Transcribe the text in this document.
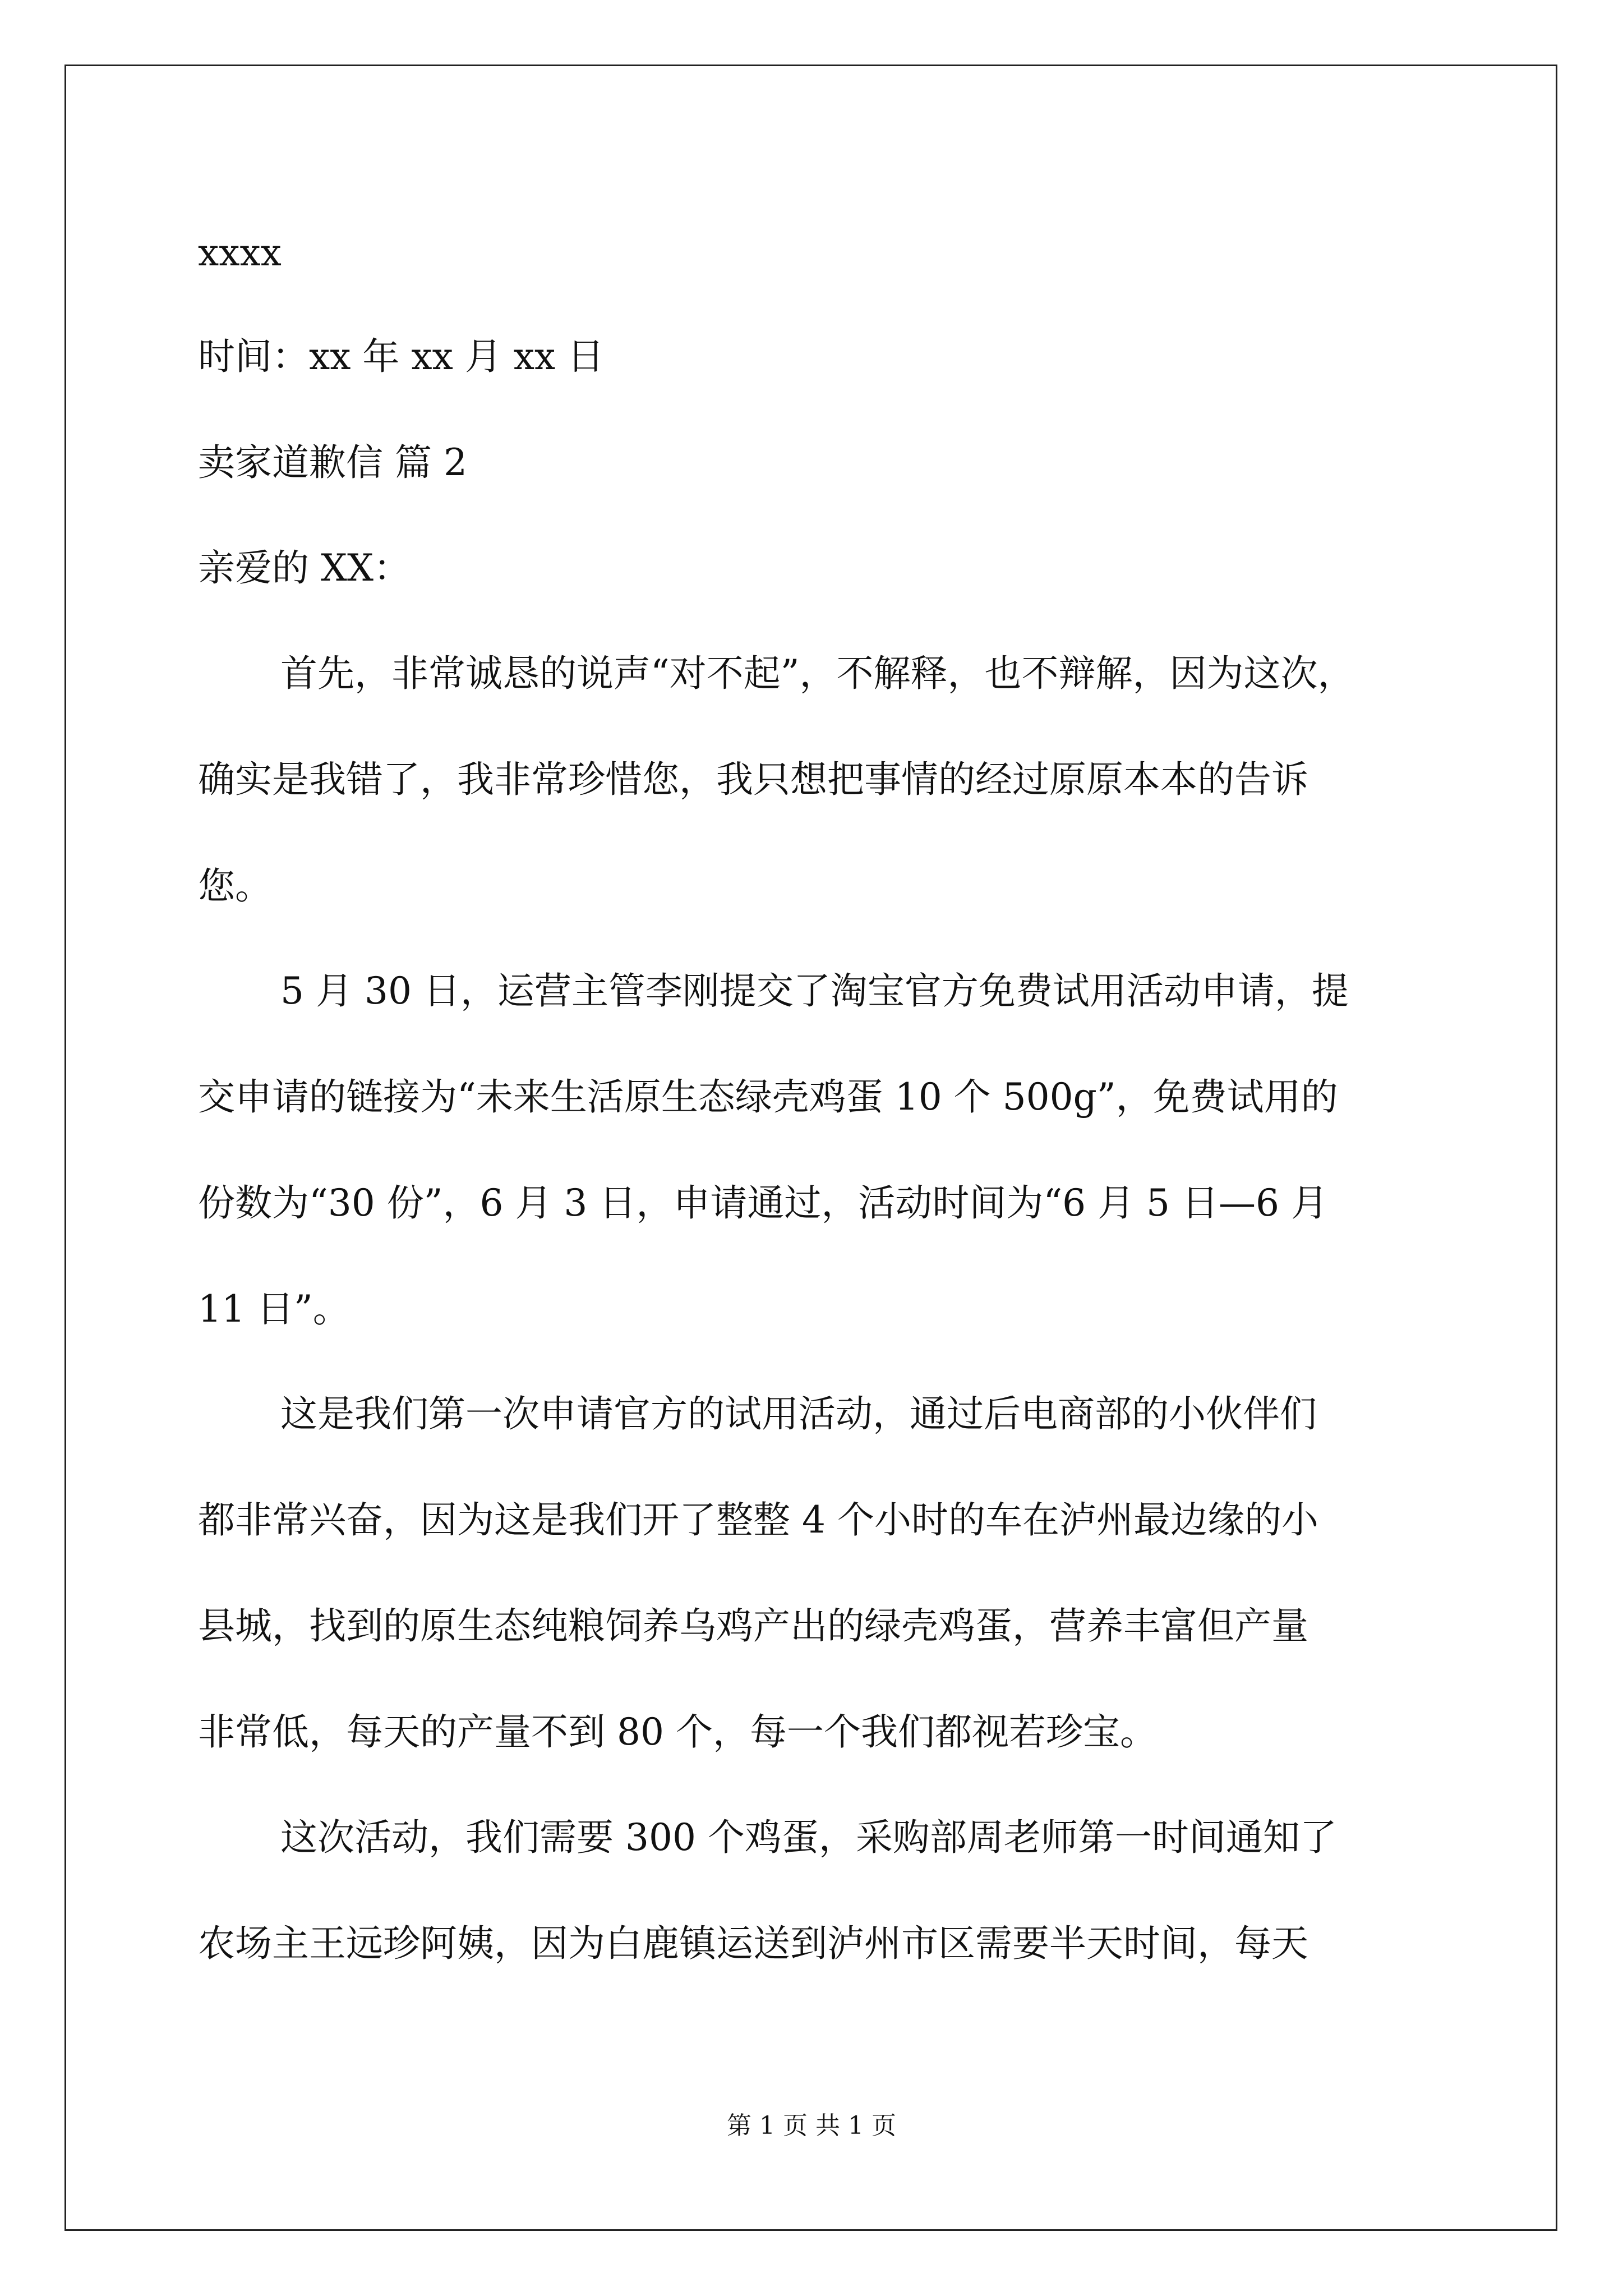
xxxx
时间：xx 年 xx 月 xx 日
卖家道歉信 篇 2
亲爱的 XX：
首先，非常诚恳的说声“对不起”，不解释，也不辩解，因为这次，
确实是我错了，我非常珍惜您，我只想把事情的经过原原本本的告诉
您。
5 月 30 日，运营主管李刚提交了淘宝官方免费试用活动申请，提
交申请的链接为“未来生活原生态绿壳鸡蛋 10 个 500g”，免费试用的
份数为“30 份”，6 月 3 日，申请通过，活动时间为“6 月 5 日—6 月
11 日”。
这是我们第一次申请官方的试用活动，通过后电商部的小伙伴们
都非常兴奋，因为这是我们开了整整 4 个小时的车在泸州最边缘的小
县城，找到的原生态纯粮饲养乌鸡产出的绿壳鸡蛋，营养丰富但产量
非常低，每天的产量不到 80 个，每一个我们都视若珍宝。
这次活动，我们需要 300 个鸡蛋，采购部周老师第一时间通知了
农场主王远珍阿姨，因为白鹿镇运送到泸州市区需要半天时间，每天
第 1 页 共 1 页
